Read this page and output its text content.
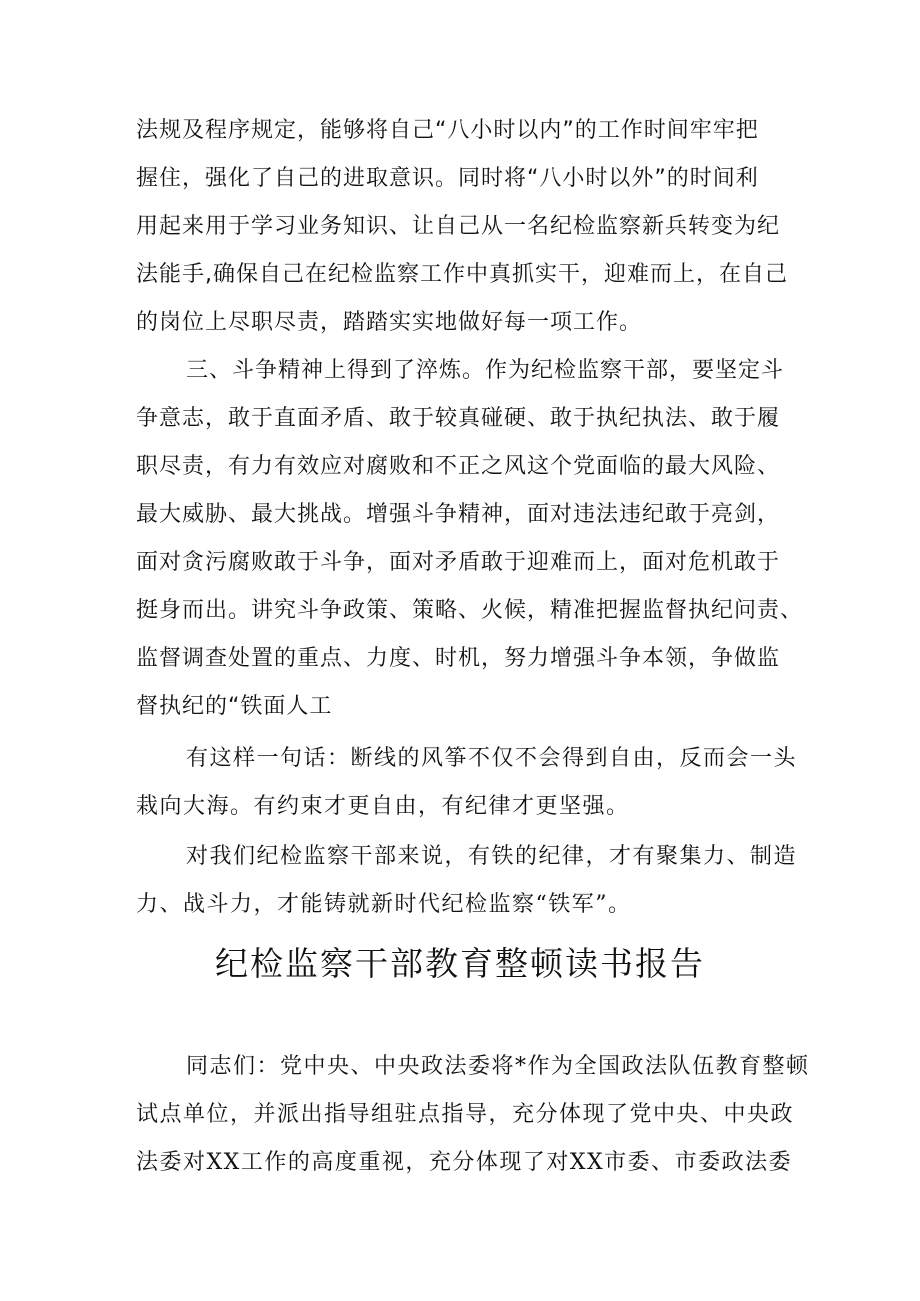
法规及程序规定，能够将自己“八小时以内”的工作时间牢牢把
握住，强化了自己的进取意识。同时将“八小时以外”的时间利
用起来用于学习业务知识、让自己从一名纪检监察新兵转变为纪
法能手,确保自己在纪检监察工作中真抓实干，迎难而上，在自己
的岗位上尽职尽责，踏踏实实地做好每一项工作。
三、斗争精神上得到了淬炼。作为纪检监察干部，要坚定斗
争意志，敢于直面矛盾、敢于较真碰硬、敢于执纪执法、敢于履
职尽责，有力有效应对腐败和不正之风这个党面临的最大风险、
最大威胁、最大挑战。增强斗争精神，面对违法违纪敢于亮剑，
面对贪污腐败敢于斗争，面对矛盾敢于迎难而上，面对危机敢于
挺身而出。讲究斗争政策、策略、火候，精准把握监督执纪问责、
监督调查处置的重点、力度、时机，努力增强斗争本领，争做监
督执纪的“铁面人工
有这样一句话：断线的风筝不仅不会得到自由，反而会一头
栽向大海。有约束才更自由，有纪律才更坚强。
对我们纪检监察干部来说，有铁的纪律，才有聚集力、制造
力、战斗力，才能铸就新时代纪检监察“铁军”。
纪检监察干部教育整顿读书报告
同志们：党中央、中央政法委将*作为全国政法队伍教育整顿
试点单位，并派出指导组驻点指导，充分体现了党中央、中央政
法委对XX工作的高度重视，充分体现了对XX市委、市委政法委
